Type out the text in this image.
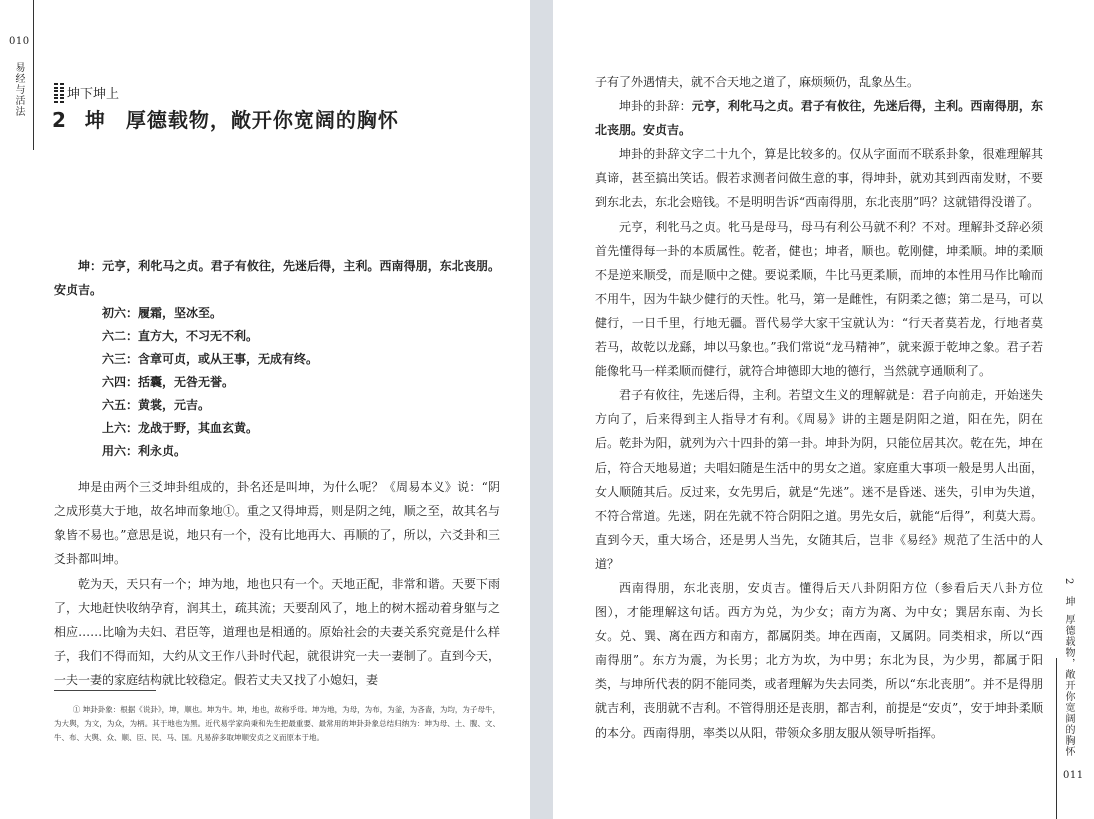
010
易经与活法	坤下坤上
2 坤 厚德载物，敞开你宽阔的胸怀

坤：元亨，利牝马之贞。君子有攸往，先迷后得，主利。西南得朋，东北丧朋。安贞吉。

初六：履霜，坚冰至。

六二：直方大，不习无不利。

六三：含章可贞，或从王事，无成有终。

六四：括囊，无咎无誉。

六五：黄裳，元吉。

上六：龙战于野，其血玄黄。

用六：利永贞。

坤是由两个三爻坤卦组成的，卦名还是叫坤，为什么呢？《周易本义》说：“阴之成形莫大于地，故名坤而象地①。重之又得坤焉，则是阴之纯，顺之至，故其名与象皆不易也。”意思是说，地只有一个，没有比地再大、再顺的了，所以，六爻卦和三爻卦都叫坤。

乾为天，天只有一个；坤为地，地也只有一个。天地正配，非常和谐。天要下雨了，大地赶快收纳孕育，润其土，疏其流；天要刮风了，地上的树木摇动着身躯与之相应……比喻为夫妇、君臣等，道理也是相通的。原始社会的夫妻关系究竟是什么样子，我们不得而知，大约从文王作八卦时代起，就很讲究一夫一妻制了。直到今天，一夫一妻的家庭结构就比较稳定。假若丈夫又找了小媳妇，妻

① 坤卦卦象：根据《说卦》，坤，顺也。坤为牛。坤，地也，故称乎母。坤为地，为母，为布，为釜，为吝啬，为均，为子母牛，为大舆，为文，为众，为柄。其于地也为黑。近代易学家尚秉和先生把最重要、最常用的坤卦卦象总结归纳为：坤为母、土、腹、文、牛、布、大舆、众、顺、臣、民、马、国。凡易辞多取坤顺安贞之义而原本于地。

子有了外遇情夫，就不合天地之道了，麻烦频仍，乱象丛生。

坤卦的卦辞：元亨，利牝马之贞。君子有攸往，先迷后得，主利。西南得朋，东北丧朋。安贞吉。

坤卦的卦辞文字二十九个，算是比较多的。仅从字面而不联系卦象，很难理解其真谛，甚至搞出笑话。假若求测者问做生意的事，得坤卦，就劝其到西南发财，不要到东北去，东北会赔钱。不是明明告诉“西南得朋，东北丧朋”吗？这就错得没谱了。

元亨，利牝马之贞。牝马是母马，母马有利公马就不利？不对。理解卦爻辞必须首先懂得每一卦的本质属性。乾者，健也；坤者，顺也。乾刚健，坤柔顺。坤的柔顺不是逆来顺受，而是顺中之健。要说柔顺，牛比马更柔顺，而坤的本性用马作比喻而不用牛，因为牛缺少健行的天性。牝马，第一是雌性，有阴柔之德；第二是马，可以健行，一日千里，行地无疆。晋代易学大家干宝就认为：“行天者莫若龙，行地者莫若马，故乾以龙繇，坤以马象也。”我们常说“龙马精神”，就来源于乾坤之象。君子若能像牝马一样柔顺而健行，就符合坤德即大地的德行，当然就亨通顺利了。

君子有攸往，先迷后得，主利。若望文生义的理解就是：君子向前走，开始迷失方向了，后来得到主人指导才有利。《周易》讲的主题是阴阳之道，阳在先，阴在后。乾卦为阳，就列为六十四卦的第一卦。坤卦为阴，只能位居其次。乾在先，坤在后，符合天地易道；夫唱妇随是生活中的男女之道。家庭重大事项一般是男人出面，女人顺随其后。反过来，女先男后，就是“先迷”。迷不是昏迷、迷失，引申为失道，不符合常道。先迷，阴在先就不符合阴阳之道。男先女后，就能“后得”，利莫大焉。直到今天，重大场合，还是男人当先，女随其后，岂非《易经》规范了生活中的人道？

西南得朋，东北丧朋，安贞吉。懂得后天八卦阴阳方位（参看后天八卦方位图），才能理解这句话。西方为兑，为少女；南方为离、为中女；巽居东南、为长女。兑、巽、离在西方和南方，都属阴类。坤在西南，又属阴。同类相求，所以“西南得朋”。东方为震，为长男；北方为坎，为中男；东北为艮，为少男，都属于阳类，与坤所代表的阴不能同类，或者理解为失去同类，所以“东北丧朋”。并不是得朋就吉利，丧朋就不吉利。不管得朋还是丧朋，都吉利，前提是“安贞”，安于坤卦柔顺的本分。西南得朋，率类以从阳，带领众多朋友服从领导听指挥。

2
坤
厚德载物，敞开你宽阔的胸怀
011
